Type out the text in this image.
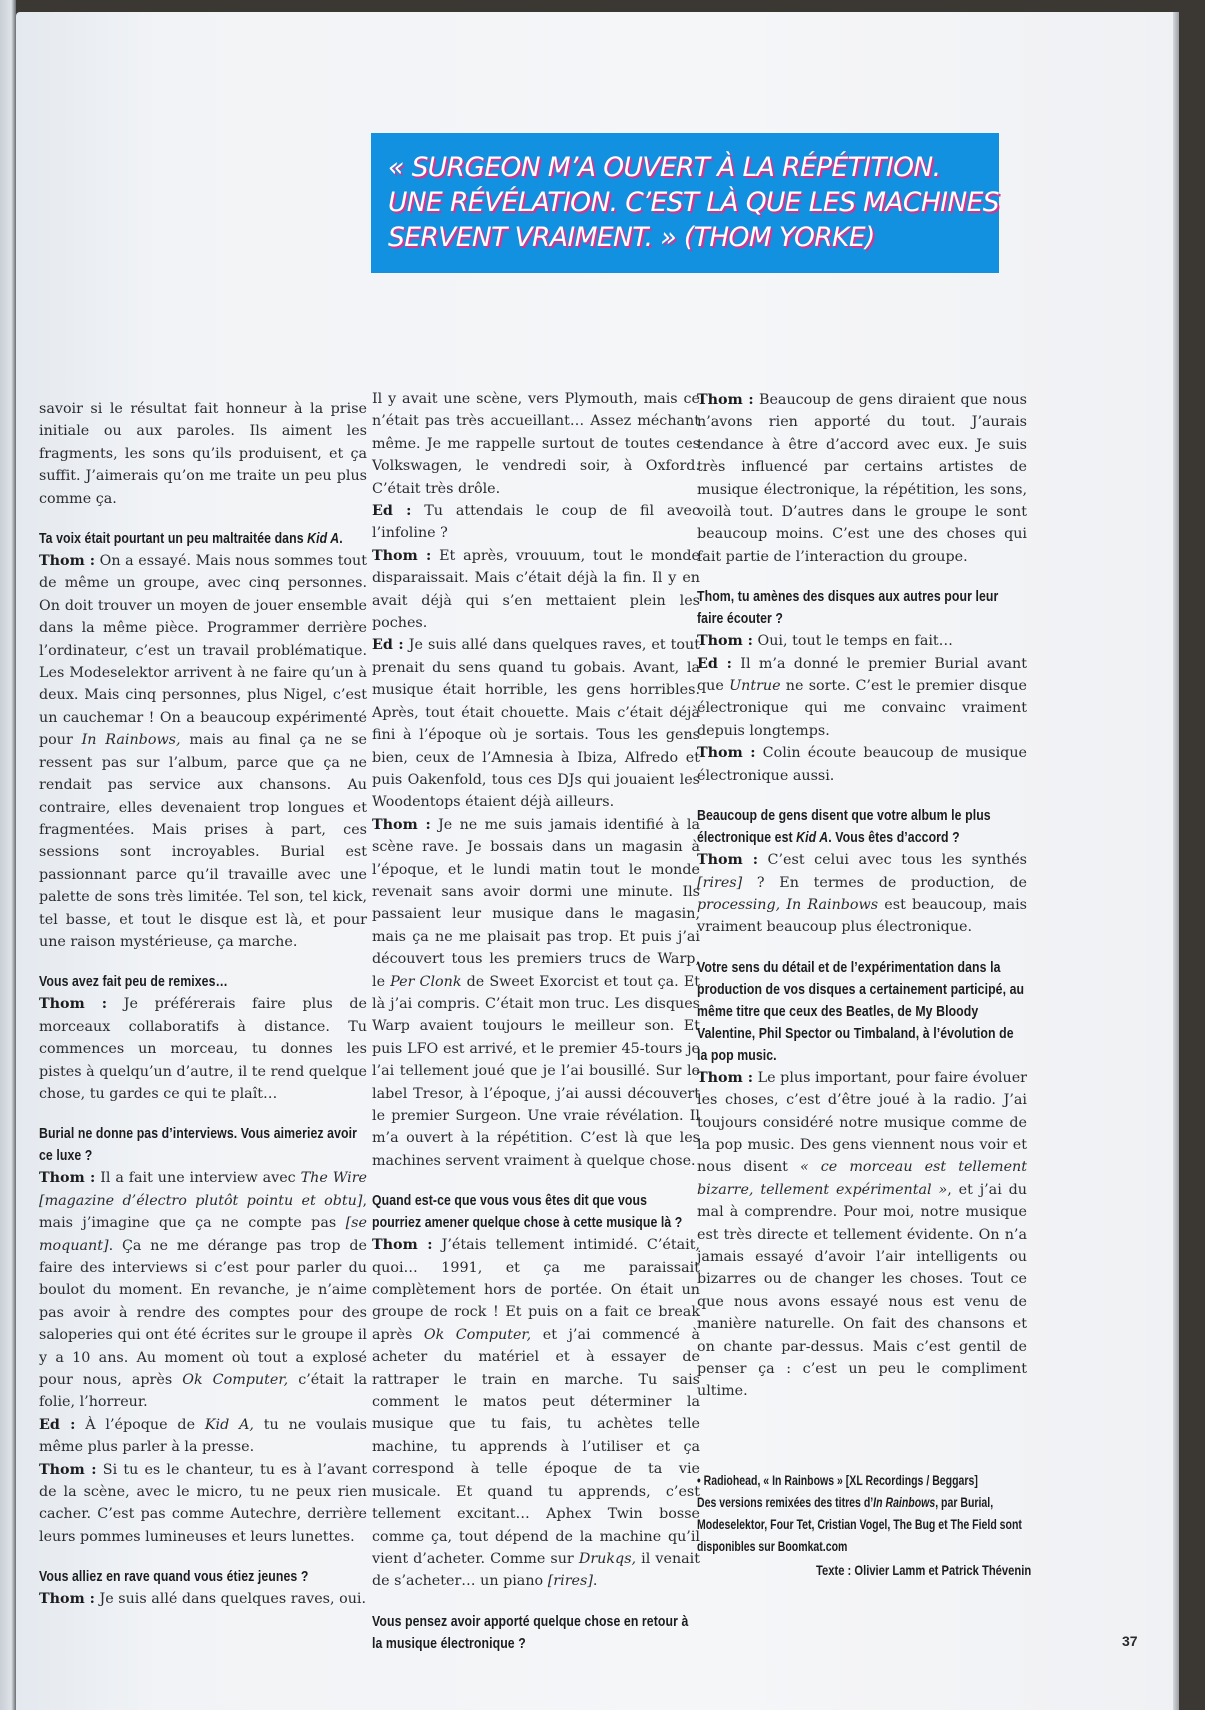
« SURGEON M’A OUVERT À LA RÉPÉTITION.
UNE RÉVÉLATION. C’EST LÀ QUE LES MACHINES
SERVENT VRAIMENT. » (THOM YORKE)

savoir si le résultat fait honneur à la prise initiale ou aux paroles. Ils aiment les fragments, les sons qu’ils produisent, et ça suffit. J’aimerais qu’on me traite un peu plus comme ça.

Ta voix était pourtant un peu maltraitée dans Kid A.

Thom : On a essayé. Mais nous sommes tout de même un groupe, avec cinq personnes. On doit trouver un moyen de jouer ensemble dans la même pièce. Programmer derrière l’ordinateur, c’est un travail problématique. Les Modeselektor arrivent à ne faire qu’un à deux. Mais cinq personnes, plus Nigel, c’est un cauchemar ! On a beaucoup expérimenté pour In Rainbows, mais au final ça ne se ressent pas sur l’album, parce que ça ne rendait pas service aux chansons. Au contraire, elles devenaient trop longues et fragmentées. Mais prises à part, ces sessions sont incroyables. Burial est passionnant parce qu’il travaille avec une palette de sons très limitée. Tel son, tel kick, tel basse, et tout le disque est là, et pour une raison mystérieuse, ça marche.

Vous avez fait peu de remixes…

Thom : Je préférerais faire plus de morceaux collaboratifs à distance. Tu commences un morceau, tu donnes les pistes à quelqu’un d’autre, il te rend quelque chose, tu gardes ce qui te plaît…

Burial ne donne pas d’interviews. Vous aimeriez avoir ce luxe ?

Thom : Il a fait une interview avec The Wire [magazine d’électro plutôt pointu et obtu], mais j’imagine que ça ne compte pas [se moquant]. Ça ne me dérange pas trop de faire des interviews si c’est pour parler du boulot du moment. En revanche, je n’aime pas avoir à rendre des comptes pour des saloperies qui ont été écrites sur le groupe il y a 10 ans. Au moment où tout a explosé pour nous, après Ok Computer, c’était la folie, l’horreur.

Ed : À l’époque de Kid A, tu ne voulais même plus parler à la presse.

Thom : Si tu es le chanteur, tu es à l’avant de la scène, avec le micro, tu ne peux rien cacher. C’est pas comme Autechre, derrière leurs pommes lumineuses et leurs lunettes.

Vous alliez en rave quand vous étiez jeunes ?

Thom : Je suis allé dans quelques raves, oui.

Il y avait une scène, vers Plymouth, mais ce n’était pas très accueillant… Assez méchant même. Je me rappelle surtout de toutes ces Volkswagen, le vendredi soir, à Oxford. C’était très drôle.

Ed : Tu attendais le coup de fil avec l’infoline ?

Thom : Et après, vrouuum, tout le monde disparaissait. Mais c’était déjà la fin. Il y en avait déjà qui s’en mettaient plein les poches.

Ed : Je suis allé dans quelques raves, et tout prenait du sens quand tu gobais. Avant, la musique était horrible, les gens horribles. Après, tout était chouette. Mais c’était déjà fini à l’époque où je sortais. Tous les gens bien, ceux de l’Amnesia à Ibiza, Alfredo et puis Oakenfold, tous ces DJs qui jouaient les Woodentops étaient déjà ailleurs.

Thom : Je ne me suis jamais identifié à la scène rave. Je bossais dans un magasin à l’époque, et le lundi matin tout le monde revenait sans avoir dormi une minute. Ils passaient leur musique dans le magasin, mais ça ne me plaisait pas trop. Et puis j’ai découvert tous les premiers trucs de Warp, le Per Clonk de Sweet Exorcist et tout ça. Et là j’ai compris. C’était mon truc. Les disques Warp avaient toujours le meilleur son. Et puis LFO est arrivé, et le premier 45-tours je l’ai tellement joué que je l’ai bousillé. Sur le label Tresor, à l’époque, j’ai aussi découvert le premier Surgeon. Une vraie révélation. Il m’a ouvert à la répétition. C’est là que les machines servent vraiment à quelque chose.

Quand est-ce que vous vous êtes dit que vous pourriez amener quelque chose à cette musique là ?

Thom : J’étais tellement intimidé. C’était, quoi… 1991, et ça me paraissait complètement hors de portée. On était un groupe de rock ! Et puis on a fait ce break après Ok Computer, et j’ai commencé à acheter du matériel et à essayer de rattraper le train en marche. Tu sais comment le matos peut déterminer la musique que tu fais, tu achètes telle machine, tu apprends à l’utiliser et ça correspond à telle époque de ta vie musicale. Et quand tu apprends, c’est tellement excitant… Aphex Twin bosse comme ça, tout dépend de la machine qu’il vient d’acheter. Comme sur Drukqs, il venait de s’acheter… un piano [rires].

Vous pensez avoir apporté quelque chose en retour à la musique électronique ?

Thom : Beaucoup de gens diraient que nous n’avons rien apporté du tout. J’aurais tendance à être d’accord avec eux. Je suis très influencé par certains artistes de musique électronique, la répétition, les sons, voilà tout. D’autres dans le groupe le sont beaucoup moins. C’est une des choses qui fait partie de l’interaction du groupe.

Thom, tu amènes des disques aux autres pour leur faire écouter ?

Thom : Oui, tout le temps en fait…

Ed : Il m’a donné le premier Burial avant que Untrue ne sorte. C’est le premier disque électronique qui me convainc vraiment depuis longtemps.

Thom : Colin écoute beaucoup de musique électronique aussi.

Beaucoup de gens disent que votre album le plus électronique est Kid A. Vous êtes d’accord ?

Thom : C’est celui avec tous les synthés [rires] ? En termes de production, de processing, In Rainbows est beaucoup, mais vraiment beaucoup plus électronique.

Votre sens du détail et de l’expérimentation dans la production de vos disques a certainement participé, au même titre que ceux des Beatles, de My Bloody Valentine, Phil Spector ou Timbaland, à l’évolution de la pop music.

Thom : Le plus important, pour faire évoluer les choses, c’est d’être joué à la radio. J’ai toujours considéré notre musique comme de la pop music. Des gens viennent nous voir et nous disent « ce morceau est tellement bizarre, tellement expérimental », et j’ai du mal à comprendre. Pour moi, notre musique est très directe et tellement évidente. On n’a jamais essayé d’avoir l’air intelligents ou bizarres ou de changer les choses. Tout ce que nous avons essayé nous est venu de manière naturelle. On fait des chansons et on chante par-dessus. Mais c’est gentil de penser ça : c’est un peu le compliment ultime.

• Radiohead, « In Rainbows » [XL Recordings / Beggars]

Des versions remixées des titres d’In Rainbows, par Burial, Modeselektor, Four Tet, Cristian Vogel, The Bug et The Field sont disponibles sur Boomkat.com

Texte : Olivier Lamm et Patrick Thévenin
37
